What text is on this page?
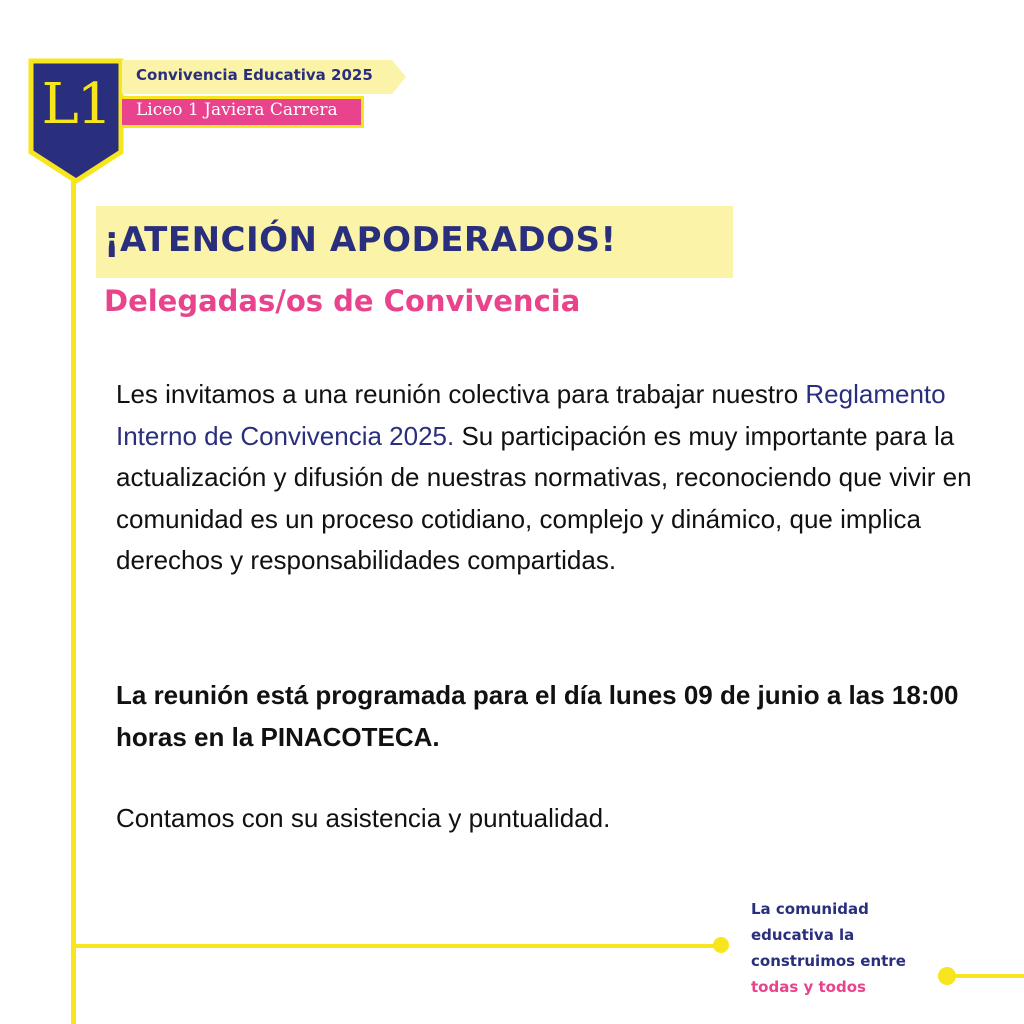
L1	Convivencia Educativa 2025
Liceo 1 Javiera Carrera
¡ATENCIÓN APODERADOS!
Delegadas/os de Convivencia
Les invitamos a una reunión colectiva para trabajar nuestro Reglamento Interno de Convivencia 2025. Su participación es muy importante para la actualización y difusión de nuestras normativas, reconociendo que vivir en comunidad es un proceso cotidiano, complejo y dinámico, que implica derechos y responsabilidades compartidas.
La reunión está programada para el día lunes 09 de junio a las 18:00 horas en la PINACOTECA.
Contamos con su asistencia y puntualidad.
La comunidad
educativa la
construimos entre
todas y todos
